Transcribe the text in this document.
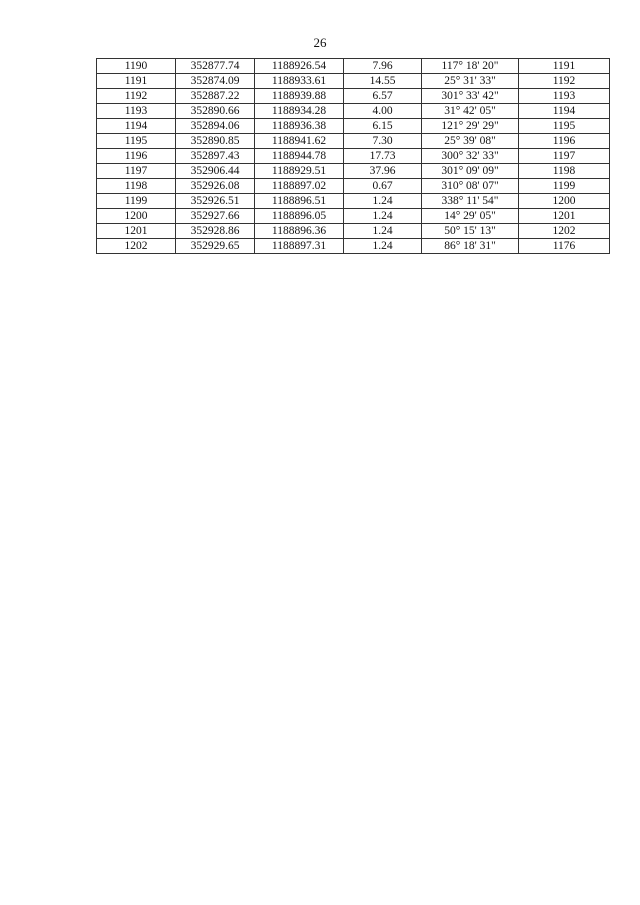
26
1190	352877.74	1188926.54	7.96	117° 18' 20"	1191
1191	352874.09	1188933.61	14.55	25° 31' 33"	1192
1192	352887.22	1188939.88	6.57	301° 33' 42"	1193
1193	352890.66	1188934.28	4.00	31° 42' 05"	1194
1194	352894.06	1188936.38	6.15	121° 29' 29"	1195
1195	352890.85	1188941.62	7.30	25° 39' 08"	1196
1196	352897.43	1188944.78	17.73	300° 32' 33"	1197
1197	352906.44	1188929.51	37.96	301° 09' 09"	1198
1198	352926.08	1188897.02	0.67	310° 08' 07"	1199
1199	352926.51	1188896.51	1.24	338° 11' 54"	1200
1200	352927.66	1188896.05	1.24	14° 29' 05"	1201
1201	352928.86	1188896.36	1.24	50° 15' 13"	1202
1202	352929.65	1188897.31	1.24	86° 18' 31"	1176
